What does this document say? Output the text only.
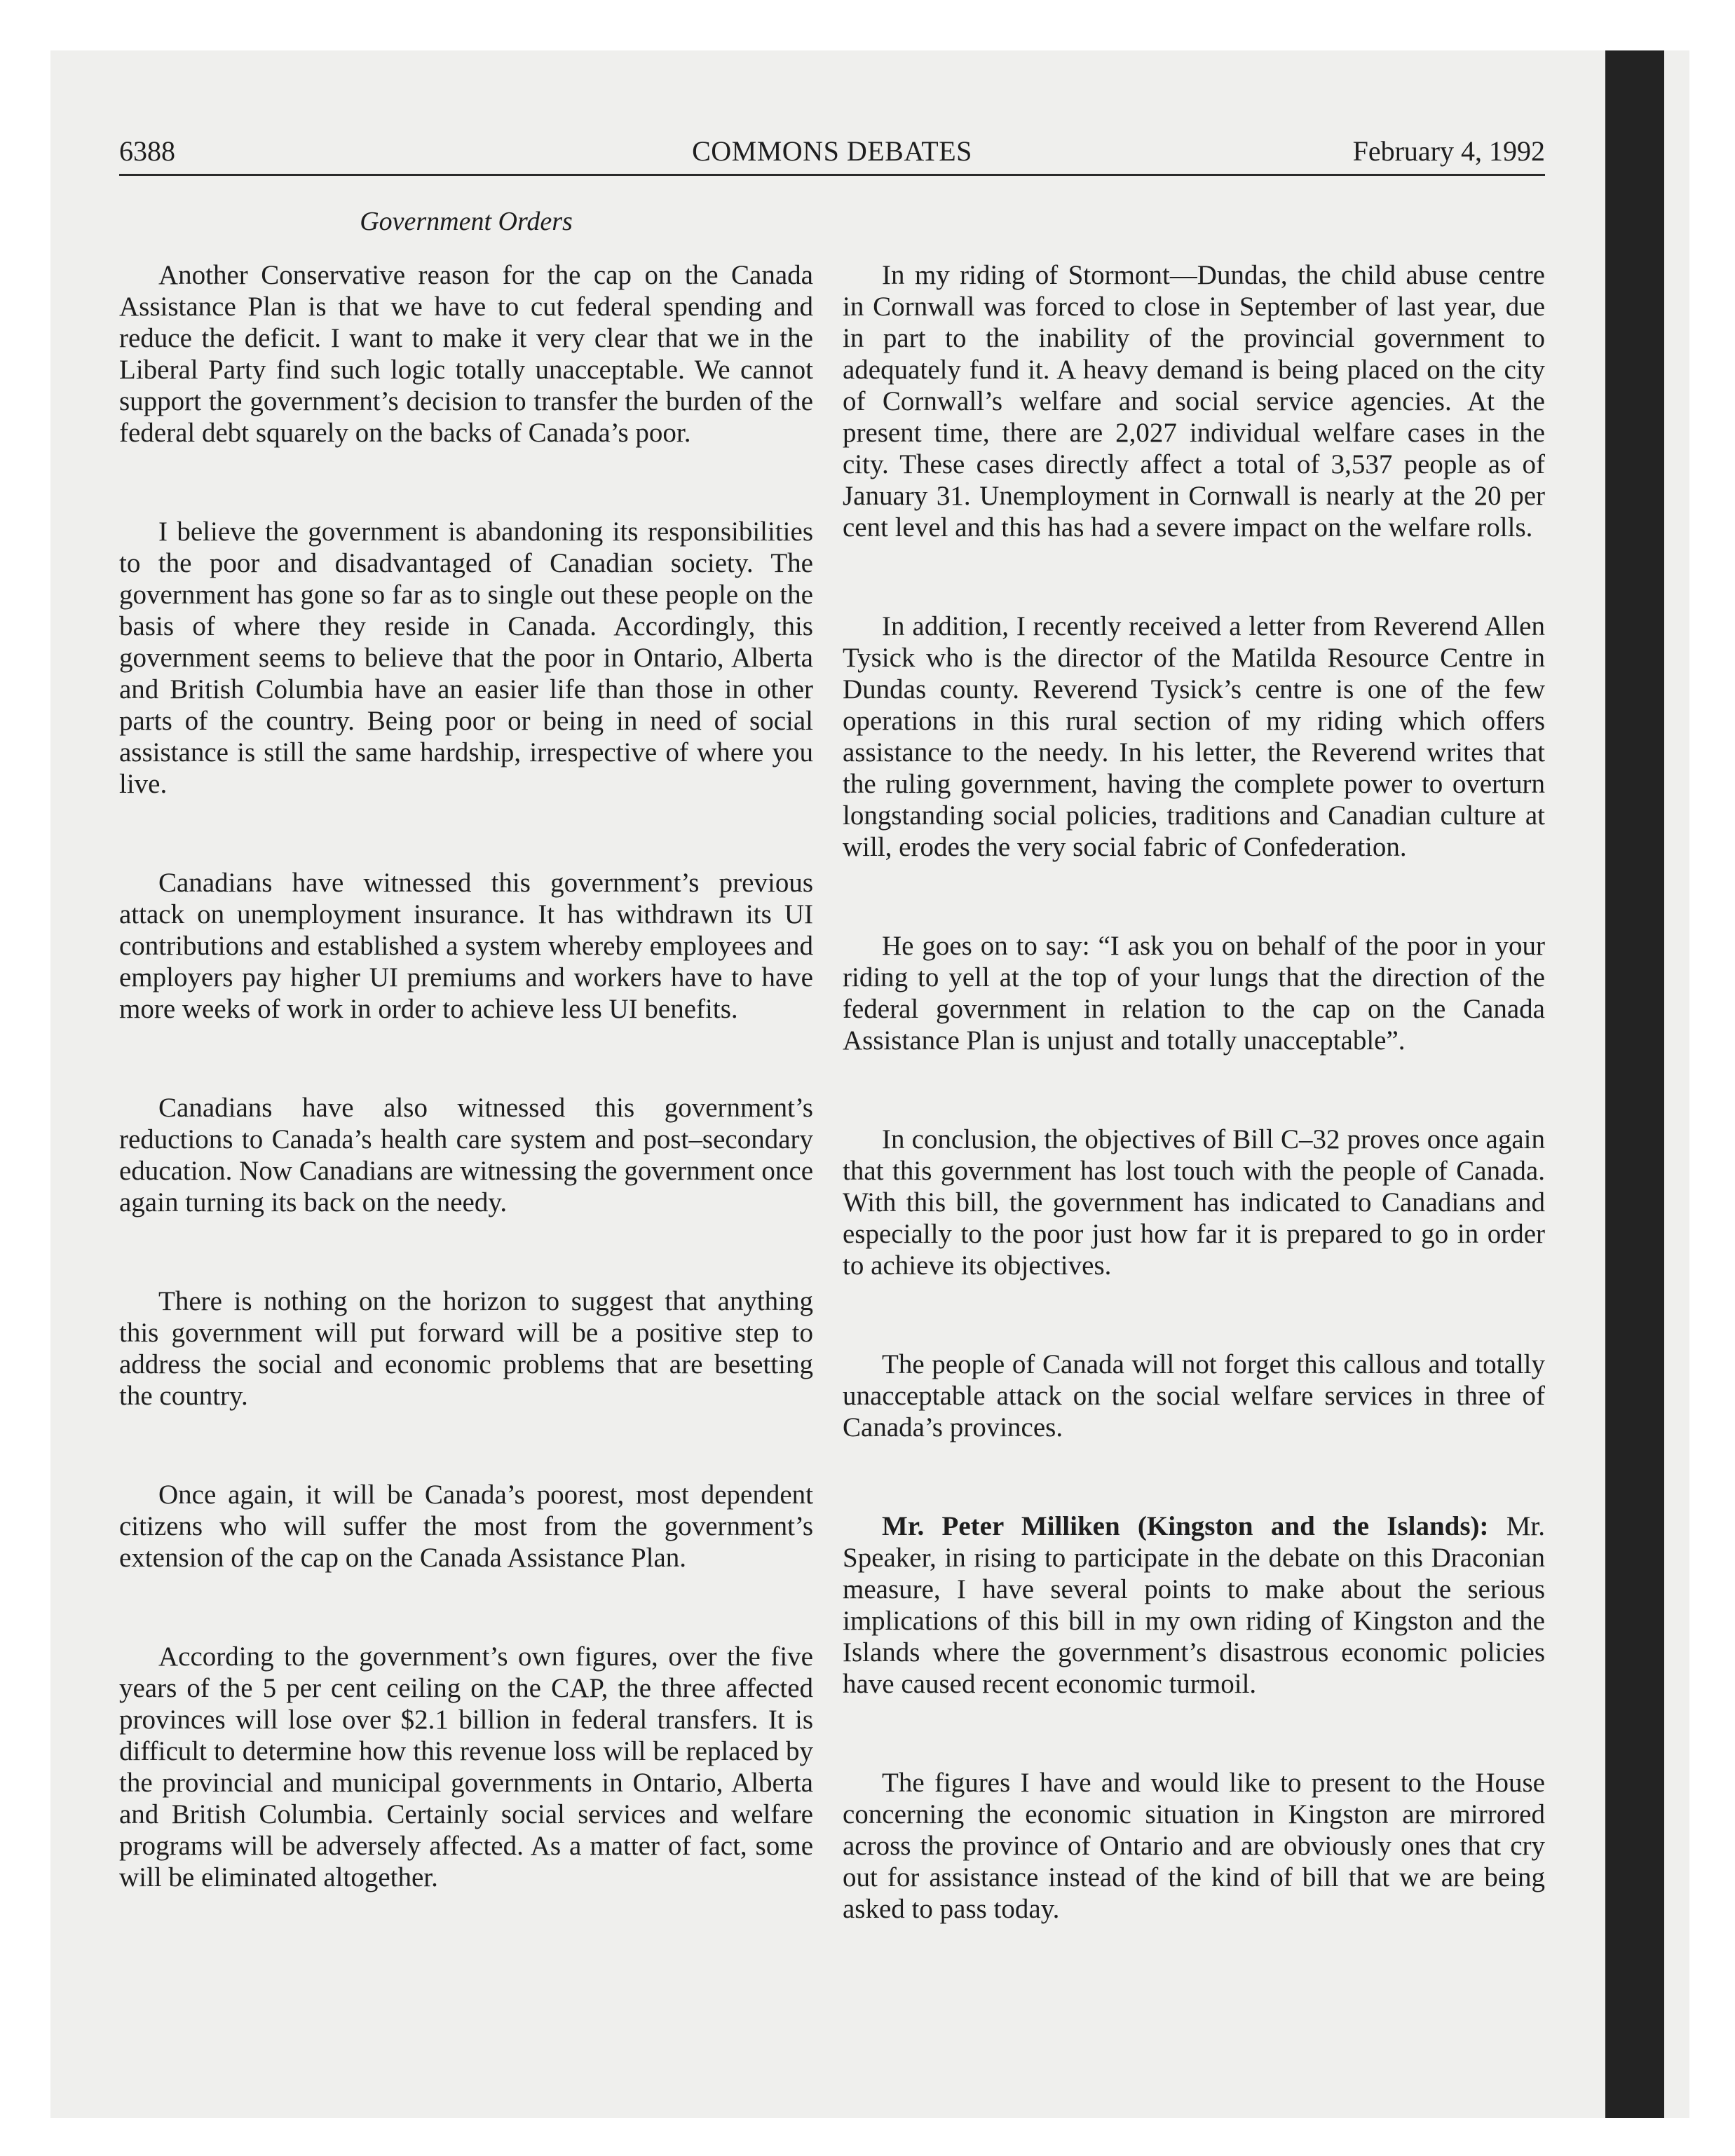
6388	COMMONS DEBATES	February 4, 1992
Government Orders

Another Conservative reason for the cap on the Canada Assistance Plan is that we have to cut federal spending and reduce the deficit. I want to make it very clear that we in the Liberal Party find such logic totally unacceptable. We cannot support the government’s decision to transfer the burden of the federal debt squarely on the backs of Canada’s poor.

I believe the government is abandoning its responsibilities to the poor and disadvantaged of Canadian society. The government has gone so far as to single out these people on the basis of where they reside in Canada. Accordingly, this government seems to believe that the poor in Ontario, Alberta and British Columbia have an easier life than those in other parts of the country. Being poor or being in need of social assistance is still the same hardship, irrespective of where you live.

Canadians have witnessed this government’s previous attack on unemployment insurance. It has withdrawn its UI contributions and established a system whereby employees and employers pay higher UI premiums and workers have to have more weeks of work in order to achieve less UI benefits.

Canadians have also witnessed this government’s reductions to Canada’s health care system and post–secondary education. Now Canadians are witnessing the government once again turning its back on the needy.

There is nothing on the horizon to suggest that anything this government will put forward will be a positive step to address the social and economic problems that are besetting the country.

Once again, it will be Canada’s poorest, most dependent citizens who will suffer the most from the government’s extension of the cap on the Canada Assistance Plan.

According to the government’s own figures, over the five years of the 5 per cent ceiling on the CAP, the three affected provinces will lose over $2.1 billion in federal transfers. It is difficult to determine how this revenue loss will be replaced by the provincial and municipal governments in Ontario, Alberta and British Columbia. Certainly social services and welfare programs will be adversely affected. As a matter of fact, some will be eliminated altogether.

In my riding of Stormont—Dundas, the child abuse centre in Cornwall was forced to close in September of last year, due in part to the inability of the provincial government to adequately fund it. A heavy demand is being placed on the city of Cornwall’s welfare and social service agencies. At the present time, there are 2,027 individual welfare cases in the city. These cases directly affect a total of 3,537 people as of January 31. Unemployment in Cornwall is nearly at the 20 per cent level and this has had a severe impact on the welfare rolls.

In addition, I recently received a letter from Reverend Allen Tysick who is the director of the Matilda Resource Centre in Dundas county. Reverend Tysick’s centre is one of the few operations in this rural section of my riding which offers assistance to the needy. In his letter, the Reverend writes that the ruling government, having the complete power to overturn longstanding social policies, traditions and Canadian culture at will, erodes the very social fabric of Confederation.

He goes on to say: “I ask you on behalf of the poor in your riding to yell at the top of your lungs that the direction of the federal government in relation to the cap on the Canada Assistance Plan is unjust and totally unacceptable”.

In conclusion, the objectives of Bill C–32 proves once again that this government has lost touch with the people of Canada. With this bill, the government has indicated to Canadians and especially to the poor just how far it is prepared to go in order to achieve its objectives.

The people of Canada will not forget this callous and totally unacceptable attack on the social welfare services in three of Canada’s provinces.

Mr. Peter Milliken (Kingston and the Islands): Mr. Speaker, in rising to participate in the debate on this Draconian measure, I have several points to make about the serious implications of this bill in my own riding of Kingston and the Islands where the government’s disastrous economic policies have caused recent economic turmoil.

The figures I have and would like to present to the House concerning the economic situation in Kingston are mirrored across the province of Ontario and are obviously ones that cry out for assistance instead of the kind of bill that we are being asked to pass today.
